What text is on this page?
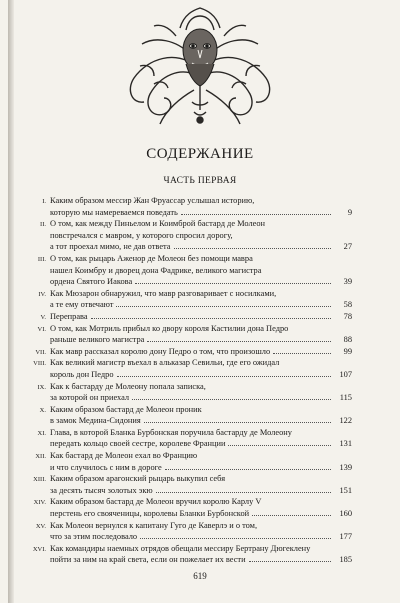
СОДЕРЖАНИЕ
ЧАСТЬ ПЕРВАЯ
I. Каким образом мессир Жан Фруассар услышал историю,
которую мы намереваемся поведать	9
II. О том, как между Пиньелом и Коимброй бастард де Молеон
повстречался с мавром, у которого спросил дорогу,
а тот проехал мимо, не дав ответа	27
III. О том, как рыцарь Аженор де Молеон без помощи мавра
нашел Коимбру и дворец дона Фадрике, великого магистра
ордена Святого Иакова	39
IV. Как Мюзарон обнаружил, что мавр разговаривает с носилками,
а те ему отвечают	58
V. Переправа	78
VI. О том, как Мотриль прибыл ко двору короля Кастилии дона Педро
раньше великого магистра	88
VII. Как мавр рассказал королю дону Педро о том, что произошло	99
VIII. Как великий магистр въехал в альказар Севильи, где его ожидал
король дон Педро	107
IX. Как к бастарду де Молеону попала записка,
за которой он приехал	115
X. Каким образом бастард де Молеон проник
в замок Медина-Сидония	122
XI. Глава, в которой Бланка Бурбонская поручила бастарду де Молеону
передать кольцо своей сестре, королеве Франции	131
XII. Как бастард де Молеон ехал во Францию
и что случилось с ним в дороге	139
XIII. Каким образом арагонский рыцарь выкупил себя
за десять тысяч золотых экю	151
XIV. Каким образом бастард де Молеон вручил королю Карлу V
перстень его свояченицы, королевы Бланки Бурбонской	160
XV. Как Молеон вернулся к капитану Гуго де Каверлэ и о том,
что за этим последовало	177
XVI. Как командиры наемных отрядов обещали мессиру Бертрану Дюгеклену
пойти за ним на край света, если он пожелает их вести	185
619
